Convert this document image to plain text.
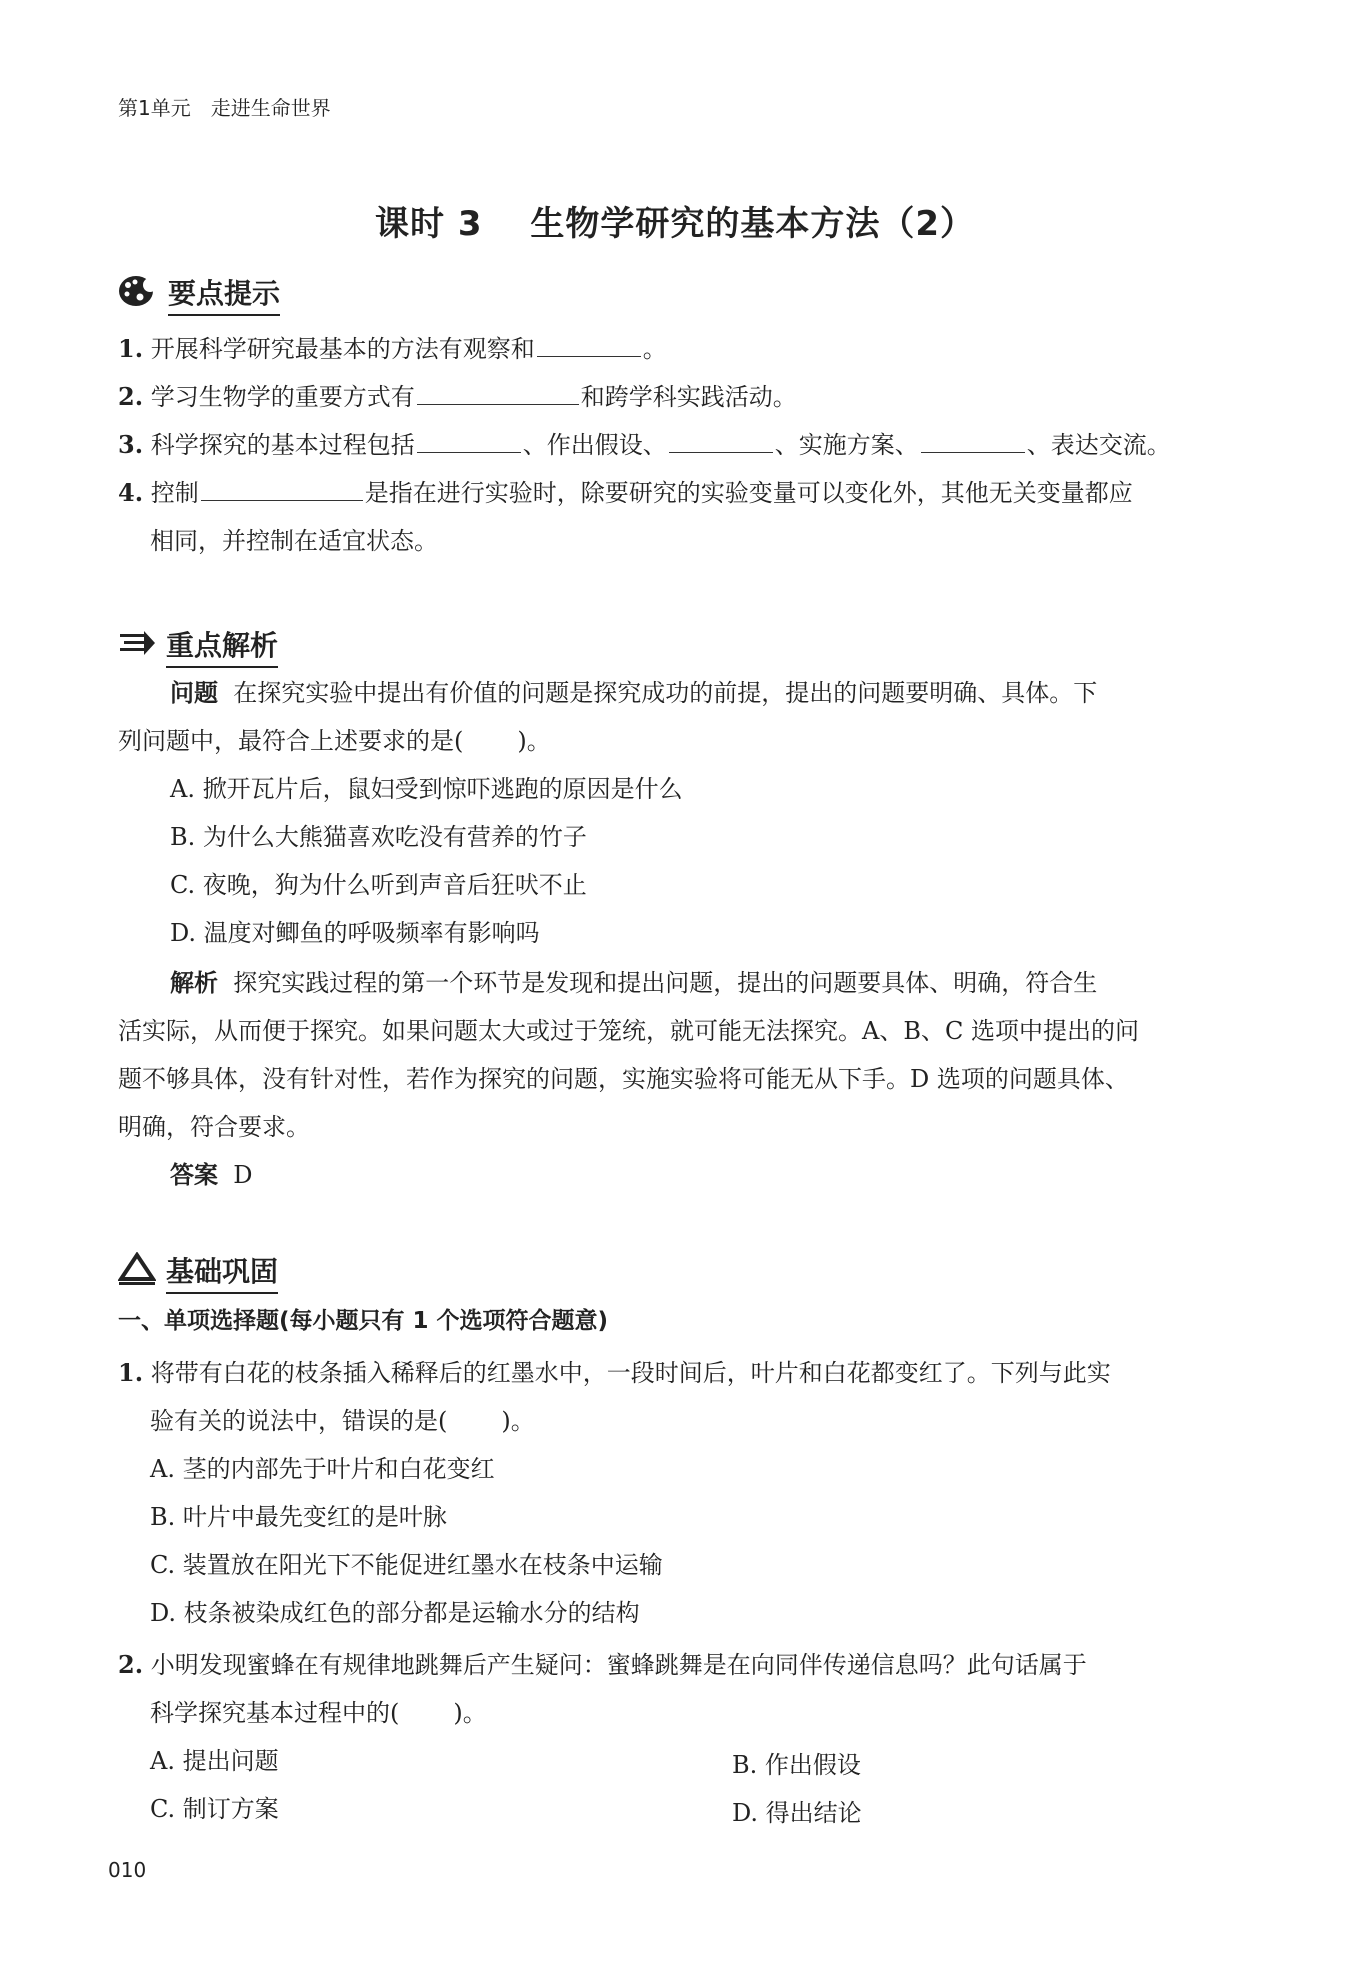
第1单元　走进生命世界
课时 3　 生物学研究的基本方法（2）
要点提示
1. 开展科学研究最基本的方法有观察和	。
2. 学习生物学的重要方式有	和跨学科实践活动。
3. 科学探究的基本过程包括	、作出假设、	、实施方案、	、表达交流。
4. 控制	是指在进行实验时，除要研究的实验变量可以变化外，其他无关变量都应
相同，并控制在适宜状态。
重点解析
问题 在探究实验中提出有价值的问题是探究成功的前提，提出的问题要明确、具体。下
列问题中，最符合上述要求的是( )。
A. 掀开瓦片后，鼠妇受到惊吓逃跑的原因是什么
B. 为什么大熊猫喜欢吃没有营养的竹子
C. 夜晚，狗为什么听到声音后狂吠不止
D. 温度对鲫鱼的呼吸频率有影响吗
解析 探究实践过程的第一个环节是发现和提出问题，提出的问题要具体、明确，符合生
活实际，从而便于探究。如果问题太大或过于笼统，就可能无法探究。A、B、C 选项中提出的问
题不够具体，没有针对性，若作为探究的问题，实施实验将可能无从下手。D 选项的问题具体、
明确，符合要求。
答案 D
基础巩固
一、单项选择题(每小题只有 1 个选项符合题意)
1. 将带有白花的枝条插入稀释后的红墨水中，一段时间后，叶片和白花都变红了。下列与此实
验有关的说法中，错误的是( )。
A. 茎的内部先于叶片和白花变红
B. 叶片中最先变红的是叶脉
C. 装置放在阳光下不能促进红墨水在枝条中运输
D. 枝条被染成红色的部分都是运输水分的结构
2. 小明发现蜜蜂在有规律地跳舞后产生疑问：蜜蜂跳舞是在向同伴传递信息吗？此句话属于
科学探究基本过程中的( )。
A. 提出问题	B. 作出假设
C. 制订方案	D. 得出结论
010
